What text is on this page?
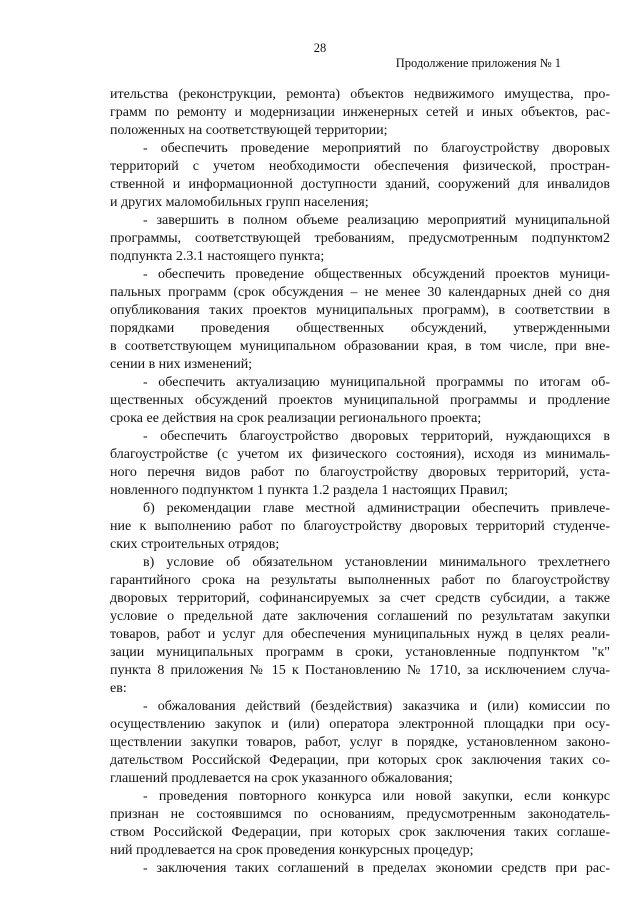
28
Продолжение приложения № 1
ительства (реконструкции, ремонта) объектов недвижимого имущества, про-
грамм по ремонту и модернизации инженерных сетей и иных объектов, рас-
положенных на соответствующей территории;
- обеспечить проведение мероприятий по благоустройству дворовых
территорий с учетом необходимости обеспечения физической, простран-
ственной и информационной доступности зданий, сооружений для инвалидов
и других маломобильных групп населения;
- завершить в полном объеме реализацию мероприятий муниципальной
программы, соответствующей требованиям, предусмотренным подпунктом2
подпункта 2.3.1 настоящего пункта;
- обеспечить проведение общественных обсуждений проектов муници-
пальных программ (срок обсуждения – не менее 30 календарных дней со дня
опубликования таких проектов муниципальных программ), в соответствии в
порядками проведения общественных обсуждений, утвержденными
в соответствующем муниципальном образовании края, в том числе, при внe-
сении в них изменений;
- обеспечить актуализацию муниципальной программы по итогам об-
щественных обсуждений проектов муниципальной программы и продление
срока ее действия на срок реализации регионального проекта;
- обеспечить благоустройство дворовых территорий, нуждающихся в
благоустройстве (с учетом их физического состояния), исходя из минималь-
ного перечня видов работ по благоустройству дворовых территорий, уста-
новленного подпунктом 1 пункта 1.2 раздела 1 настоящих Правил;
б) рекомендации главе местной администрации обеспечить привлече-
ние к выполнению работ по благоустройству дворовых территорий студенче-
ских строительных отрядов;
в) условие об обязательном установлении минимального трехлетнего
гарантийного срока на результаты выполненных работ по благоустройству
дворовых территорий, софинансируемых за счет средств субсидии, а также
условие о предельной дате заключения соглашений по результатам закупки
товаров, работ и услуг для обеспечения муниципальных нужд в целях реали-
зации муниципальных программ в сроки, установленные подпунктом "к"
пункта 8 приложения № 15 к Постановлению № 1710, за исключением случа-
ев:
- обжалования действий (бездействия) заказчика и (или) комиссии по
осуществлению закупок и (или) оператора электронной площадки при осу-
ществлении закупки товаров, работ, услуг в порядке, установленном законо-
дательством Российской Федерации, при которых срок заключения таких со-
глашений продлевается на срок указанного обжалования;
- проведения повторного конкурса или новой закупки, если конкурс
признан не состоявшимся по основаниям, предусмотренным законодатель-
ством Российской Федерации, при которых срок заключения таких соглаше-
ний продлевается на срок проведения конкурсных процедур;
- заключения таких соглашений в пределах экономии средств при рас-
